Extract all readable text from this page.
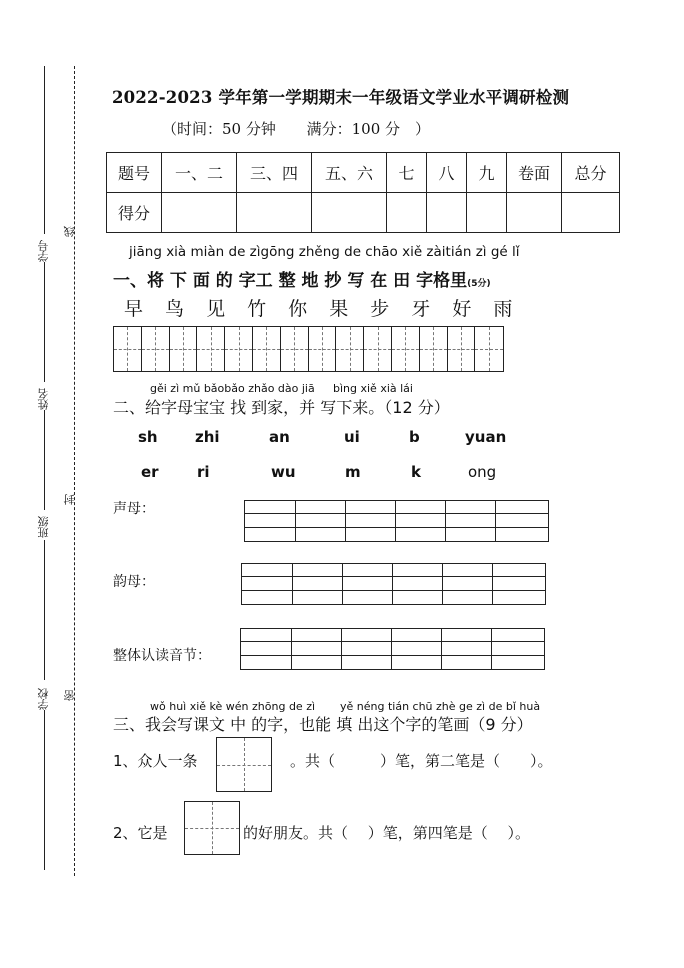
学号
姓名
班级
学校
线
封
密
2022-2023 学年第一学期期末一年级语文学业水平调研检测
（时间：50 分钟 满分：100 分　）
题号	一、二	三、四	五、六	七	八	九	卷面	总分
得分								
jiāng xià miàn de zìgōng zhěng de chāo xiě zàitián zì gé lǐ
一、将 下 面 的 字工 整 地 抄 写 在 田 字格里(5分)
早 鸟 见 竹 你 果 步 牙 好 雨
gěi zì mǔ bǎobǎo zhǎo dào jiā bìng xiě xià lái
二、给字母宝宝 找 到家，并 写下来。（12 分）
sh zhi	an	ui	b	yuan
er	ri	wu	m	k	ong
声母：
韵母：
整体认读音节：
wǒ huì xiě kè wén zhōng de zì yě néng tián chū zhè ge zì de bǐ huà
三、我会写课文 中 的字，也能 填 出这个字的笔画（9 分）
1、众人一条	。共（　　　）笔，第二笔是（　　）。
2、它是	的好朋友。共（　 ）笔，第四笔是（　 ）。
